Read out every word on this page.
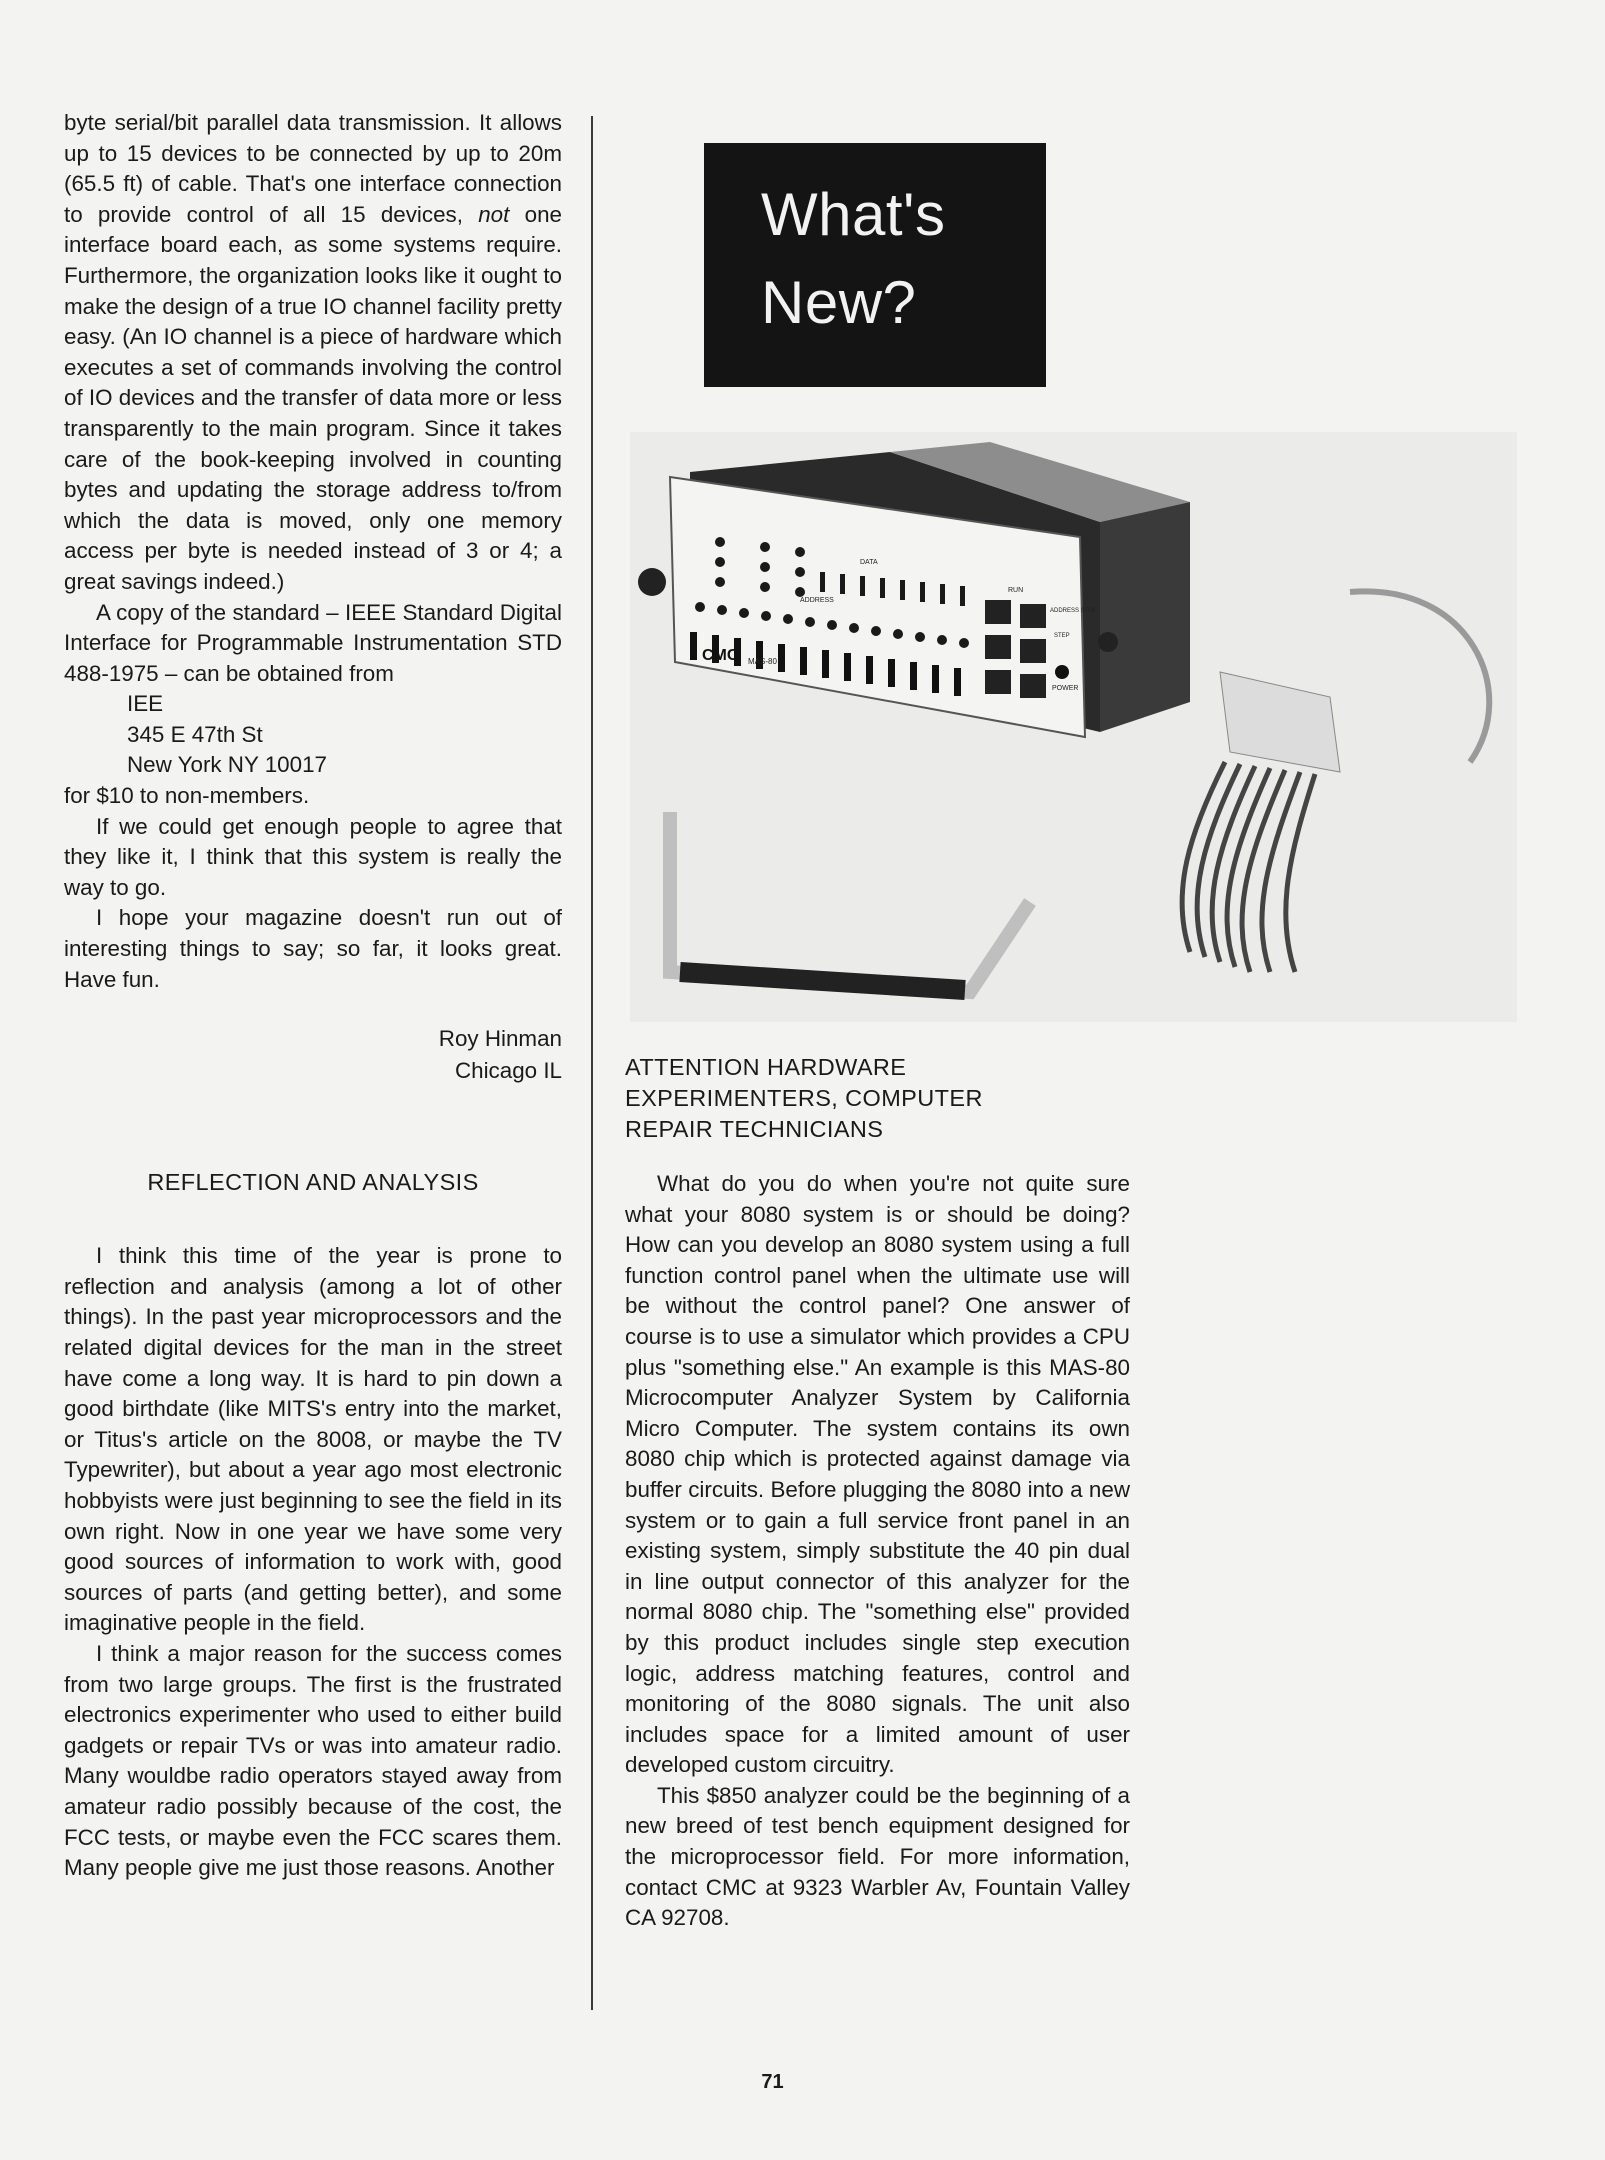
byte serial/bit parallel data transmission. It allows up to 15 devices to be connected by up to 20m (65.5 ft) of cable. That's one interface connection to provide control of all 15 devices, not one interface board each, as some systems require. Furthermore, the organization looks like it ought to make the design of a true IO channel facility pretty easy. (An IO channel is a piece of hardware which executes a set of commands involving the control of IO devices and the transfer of data more or less transparently to the main program. Since it takes care of the book-keeping involved in counting bytes and updating the storage address to/from which the data is moved, only one memory access per byte is needed instead of 3 or 4; a great savings indeed.)

A copy of the standard – IEEE Standard Digital Interface for Programmable Instrumentation STD 488-1975 – can be obtained from

IEE
345 E 47th St
New York NY 10017

for $10 to non-members.

If we could get enough people to agree that they like it, I think that this system is really the way to go.

I hope your magazine doesn't run out of interesting things to say; so far, it looks great. Have fun.

Roy Hinman
Chicago IL
REFLECTION AND ANALYSIS

I think this time of the year is prone to reflection and analysis (among a lot of other things). In the past year microprocessors and the related digital devices for the man in the street have come a long way. It is hard to pin down a good birthdate (like MITS's entry into the market, or Titus's article on the 8008, or maybe the TV Typewriter), but about a year ago most electronic hobbyists were just beginning to see the field in its own right. Now in one year we have some very good sources of information to work with, good sources of parts (and getting better), and some imaginative people in the field.

I think a major reason for the success comes from two large groups. The first is the frustrated electronics experimenter who used to either build gadgets or repair TVs or was into amateur radio. Many wouldbe radio operators stayed away from amateur radio possibly because of the cost, the FCC tests, or maybe even the FCC scares them. Many people give me just those reasons. Another

What's
New?
CMC MAS-80
DATA
ADDRESS
RUN
POWER
ADDRESS STOP
STEP
ATTENTION HARDWARE
EXPERIMENTERS, COMPUTER
REPAIR TECHNICIANS

What do you do when you're not quite sure what your 8080 system is or should be doing? How can you develop an 8080 system using a full function control panel when the ultimate use will be without the control panel? One answer of course is to use a simulator which provides a CPU plus "something else." An example is this MAS-80 Microcomputer Analyzer System by California Micro Computer. The system contains its own 8080 chip which is protected against damage via buffer circuits. Before plugging the 8080 into a new system or to gain a full service front panel in an existing system, simply substitute the 40 pin dual in line output connector of this analyzer for the normal 8080 chip. The "something else" provided by this product includes single step execution logic, address matching features, control and monitoring of the 8080 signals. The unit also includes space for a limited amount of user developed custom circuitry.

This $850 analyzer could be the beginning of a new breed of test bench equipment designed for the microprocessor field. For more information, contact CMC at 9323 Warbler Av, Fountain Valley CA 92708.

71
